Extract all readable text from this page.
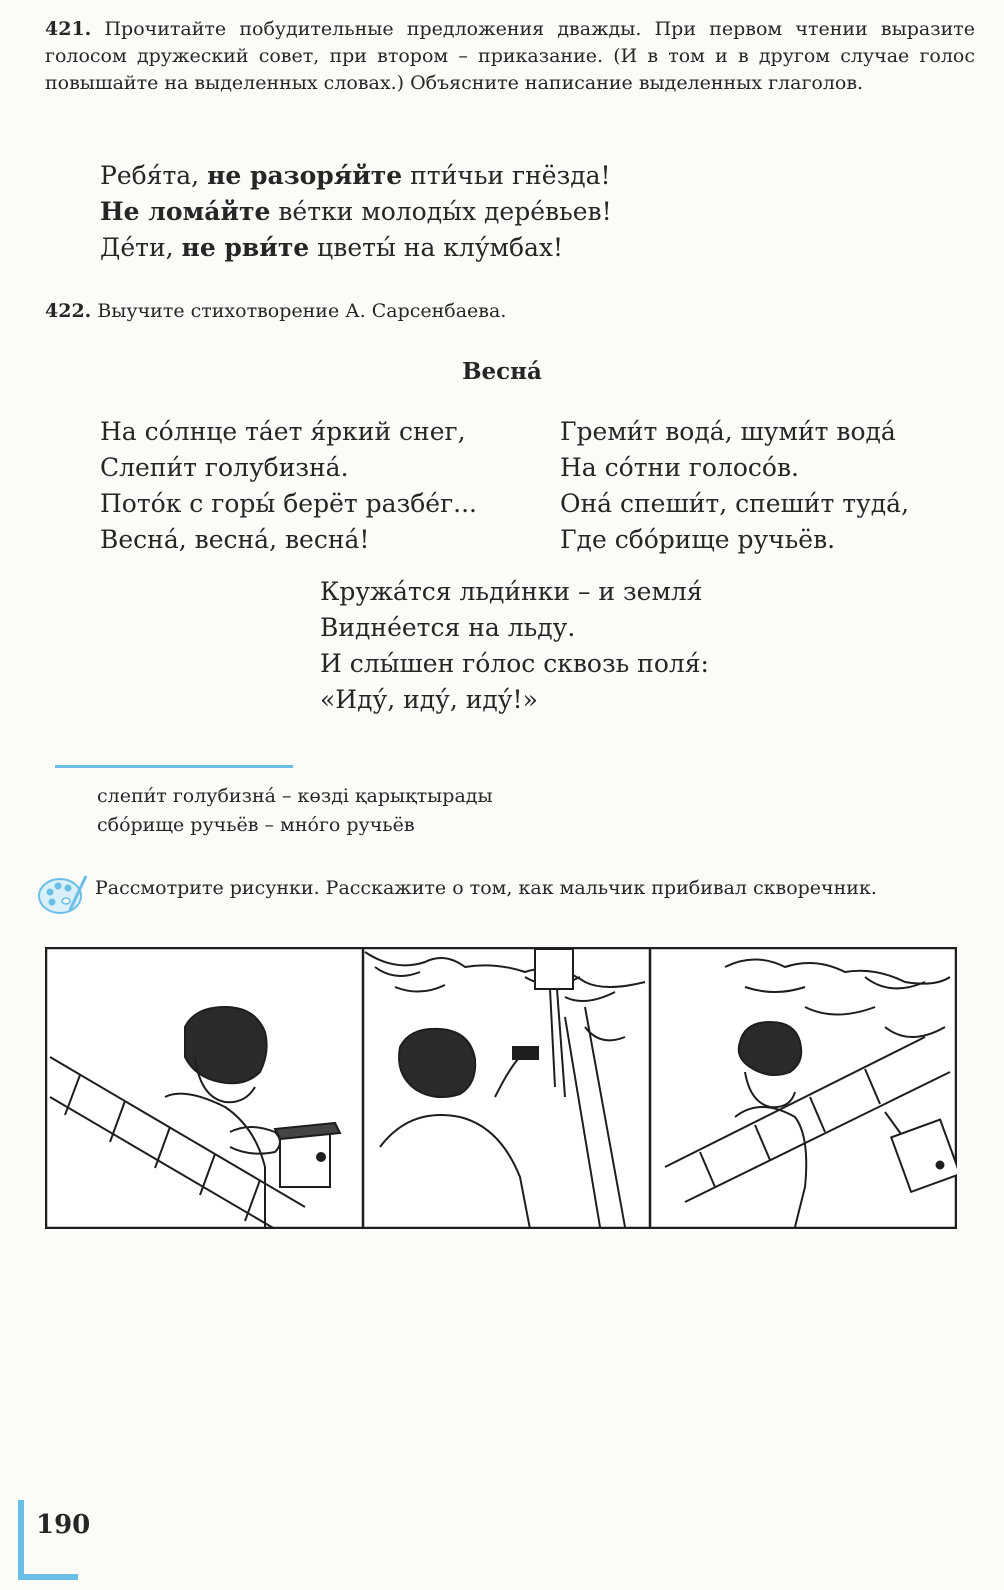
421. Прочитайте побудительные предложения дважды. При первом чтении выразите голосом дружеский совет, при втором – приказание. (И в том и в другом случае голос повышайте на выделенных словах.) Объясните написание выделенных глаголов.
Ребя́та, не разоря́йте пти́чьи гнёзда!
Не лома́йте ве́тки молоды́х дере́вьев!
Де́ти, не рви́те цветы́ на клу́мбах!
422. Выучите стихотворение А. Сарсенбаева.
Весна́
На со́лнце та́ет я́ркий снег,
Слепи́т голубизна́.
Пото́к с горы́ берёт разбе́г...
Весна́, весна́, весна́!
Греми́т вода́, шуми́т вода́
На со́тни голосо́в.
Она́ спеши́т, спеши́т туда́,
Где сбо́рище ручьёв.
Кружа́тся льди́нки – и земля́
Видне́ется на льду.
И слы́шен го́лос сквозь поля́:
«Иду́, иду́, иду́!»
слепи́т голубизна́ – көзді қарықтырады
сбо́рище ручьёв – мно́го ручьёв
Рассмотрите рисунки. Расскажите о том, как мальчик прибивал скворечник.
190
